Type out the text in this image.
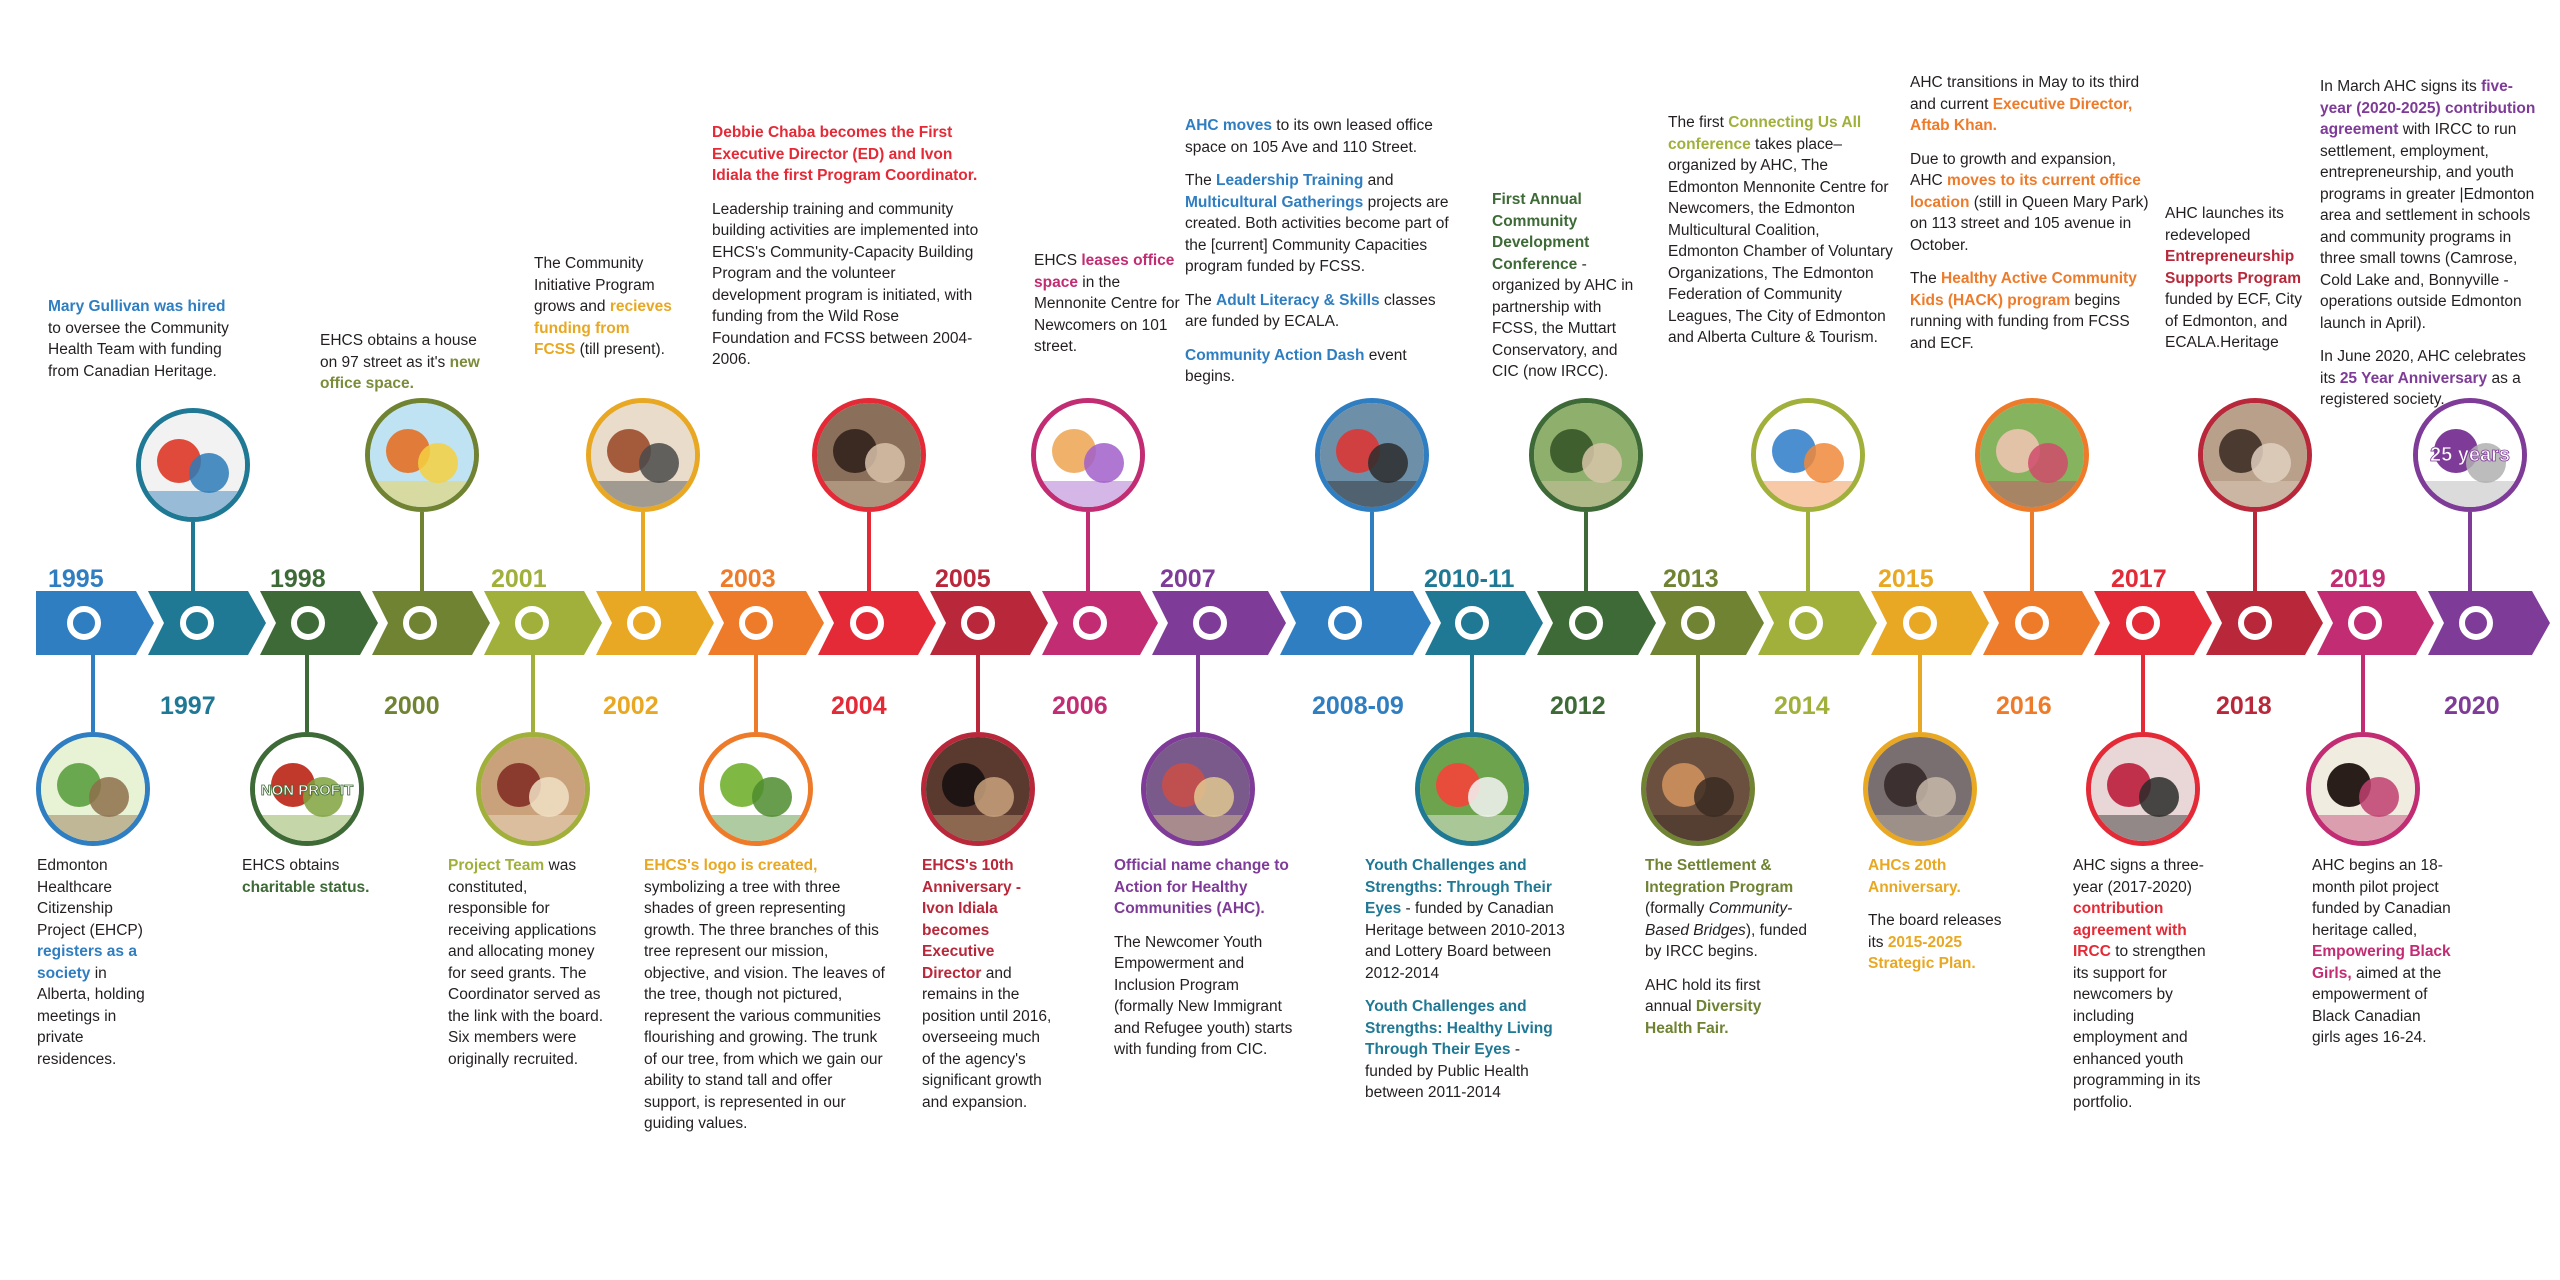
1995
1997
1998
2000
2001
2002
2003
2004
2005
2006
2007
2008-09
2010-11
2012
2013
2014
2015
2016
2017
2018
2019
2020
NON PROFIT
25 years

Edmonton Healthcare Citizenship Project (EHCP) registers as a society in Alberta, holding meetings in private residences.

Mary Gullivan was hired to oversee the Community Health Team with funding from Canadian Heritage.

EHCS obtains charitable status.

EHCS obtains a house on 97 street as it's new office space.

Project Team was constituted, responsible for receiving applications and allocating money for seed grants. The Coordinator served as the link with the board. Six members were originally recruited.

The Community Initiative Program grows and recieves funding from FCSS (till present).

EHCS's logo is created, symbolizing a tree with three shades of green representing growth. The three branches of this tree represent our mission, objective, and vision. The leaves of the tree, though not pictured, represent the various communities flourishing and growing. The trunk of our tree, from which we gain our ability to stand tall and offer support, is represented in our guiding values.

Debbie Chaba becomes the First Executive Director (ED) and Ivon Idiala the first Program Coordinator.

Leadership training and community building activities are implemented into EHCS's Community-Capacity Building Program and the volunteer development program is initiated, with funding from the Wild Rose Foundation and FCSS between 2004-2006.

EHCS's 10th Anniversary - Ivon Idiala becomes Executive Director and remains in the position until 2016, overseeing much of the agency's significant growth and expansion.

EHCS leases office space in the Mennonite Centre for Newcomers on 101 street.

Official name change to Action for Healthy Communities (AHC).

The Newcomer Youth Empowerment and Inclusion Program (formally New Immigrant and Refugee youth) starts with funding from CIC.

AHC moves to its own leased office space on 105 Ave and 110 Street.

The Leadership Training and Multicultural Gatherings projects are created. Both activities become part of the [current] Community Capacities program funded by FCSS.

The Adult Literacy & Skills classes are funded by ECALA.

Community Action Dash event begins.

Youth Challenges and Strengths: Through Their Eyes - funded by Canadian Heritage between 2010-2013 and Lottery Board between 2012-2014

Youth Challenges and Strengths: Healthy Living Through Their Eyes - funded by Public Health between 2011-2014

First Annual Community Development Conference - organized by AHC in partnership with FCSS, the Muttart Conservatory, and CIC (now IRCC).

The Settlement & Integration Program (formally Community-Based Bridges), funded by IRCC begins.

AHC hold its first annual Diversity Health Fair.

The first Connecting Us All conference takes place– organized by AHC, The Edmonton Mennonite Centre for Newcomers, the Edmonton Multicultural Coalition, Edmonton Chamber of Voluntary Organizations, The Edmonton Federation of Community Leagues, The City of Edmonton and Alberta Culture & Tourism.

AHCs 20th Anniversary.

The board releases its 2015-2025 Strategic Plan.

AHC transitions in May to its third and current Executive Director, Aftab Khan.

Due to growth and expansion, AHC moves to its current office location (still in Queen Mary Park) on 113 street and 105 avenue in October.

The Healthy Active Community Kids (HACK) program begins running with funding from FCSS and ECF.

AHC signs a three-year (2017-2020) contribution agreement with IRCC to strengthen its support for newcomers by including employment and enhanced youth programming in its portfolio.

AHC launches its redeveloped Entrepreneurship Supports Program funded by ECF, City of Edmonton, and ECALA.Heritage

AHC begins an 18-month pilot project funded by Canadian heritage called, Empowering Black Girls, aimed at the empowerment of Black Canadian girls ages 16-24.

In March AHC signs its five-year (2020-2025) contribution agreement with IRCC to run settlement, employment, entrepreneurship, and youth programs in greater |Edmonton area and settlement in schools and community programs in three small towns (Camrose, Cold Lake and, Bonnyville - operations outside Edmonton launch in April).

In June 2020, AHC celebrates its 25 Year Anniversary as a registered society.
